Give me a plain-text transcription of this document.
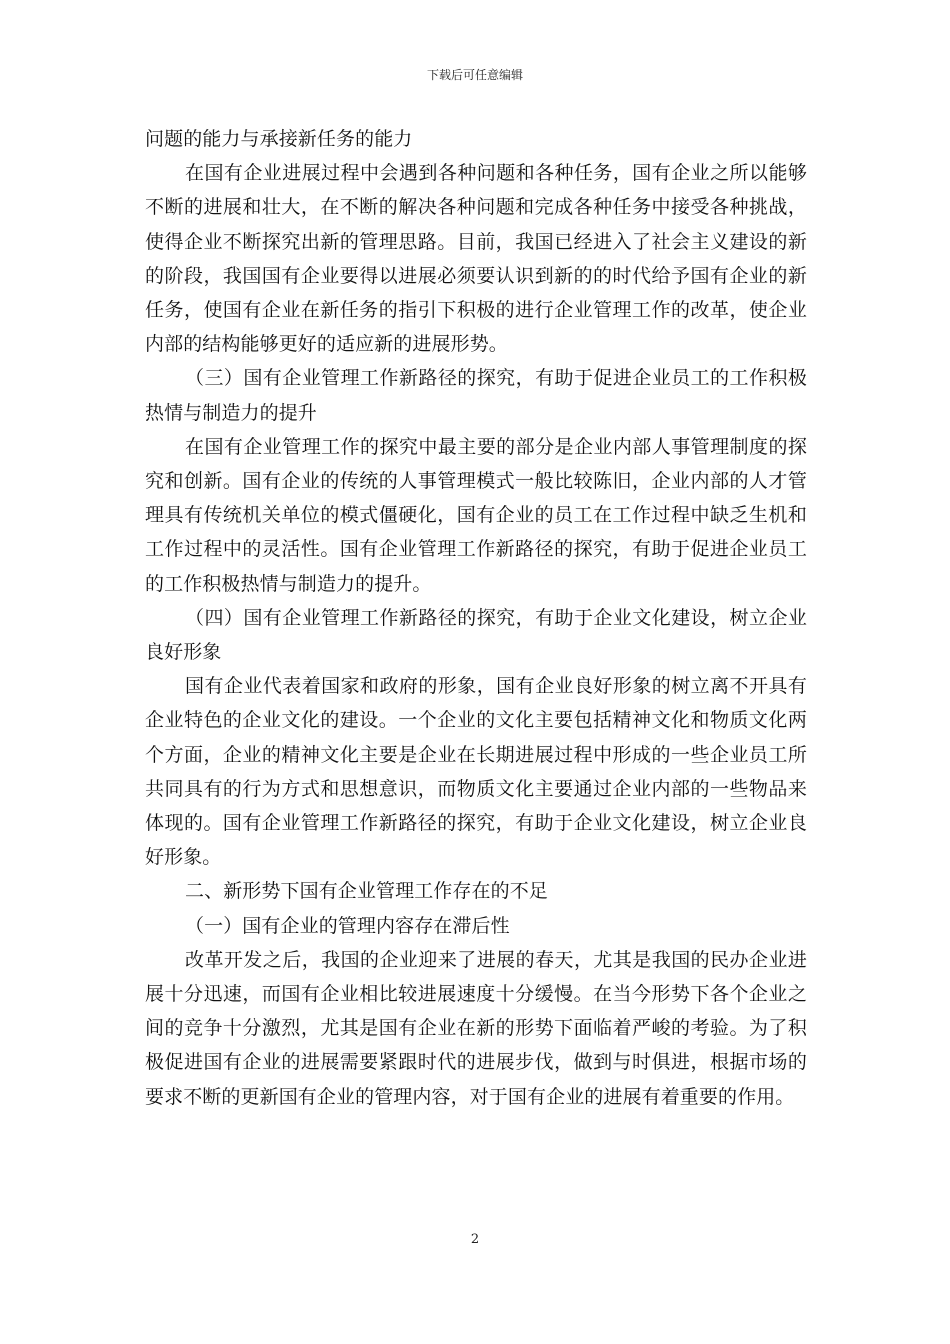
下载后可任意编辑

问题的能力与承接新任务的能力

在国有企业进展过程中会遇到各种问题和各种任务，国有企业之所以能够不断的进展和壮大，在不断的解决各种问题和完成各种任务中接受各种挑战，使得企业不断探究出新的管理思路。目前，我国已经进入了社会主义建设的新的阶段，我国国有企业要得以进展必须要认识到新的的时代给予国有企业的新任务，使国有企业在新任务的指引下积极的进行企业管理工作的改革，使企业内部的结构能够更好的适应新的进展形势。

（三）国有企业管理工作新路径的探究，有助于促进企业员工的工作积极热情与制造力的提升

在国有企业管理工作的探究中最主要的部分是企业内部人事管理制度的探究和创新。国有企业的传统的人事管理模式一般比较陈旧，企业内部的人才管理具有传统机关单位的模式僵硬化，国有企业的员工在工作过程中缺乏生机和工作过程中的灵活性。国有企业管理工作新路径的探究，有助于促进企业员工的工作积极热情与制造力的提升。

（四）国有企业管理工作新路径的探究，有助于企业文化建设，树立企业良好形象

国有企业代表着国家和政府的形象，国有企业良好形象的树立离不开具有企业特色的企业文化的建设。一个企业的文化主要包括精神文化和物质文化两个方面，企业的精神文化主要是企业在长期进展过程中形成的一些企业员工所共同具有的行为方式和思想意识，而物质文化主要通过企业内部的一些物品来体现的。国有企业管理工作新路径的探究，有助于企业文化建设，树立企业良好形象。

二、新形势下国有企业管理工作存在的不足

（一）国有企业的管理内容存在滞后性

改革开发之后，我国的企业迎来了进展的春天，尤其是我国的民办企业进展十分迅速，而国有企业相比较进展速度十分缓慢。在当今形势下各个企业之间的竞争十分激烈，尤其是国有企业在新的形势下面临着严峻的考验。为了积极促进国有企业的进展需要紧跟时代的进展步伐，做到与时俱进，根据市场的要求不断的更新国有企业的管理内容，对于国有企业的进展有着重要的作用。

2
